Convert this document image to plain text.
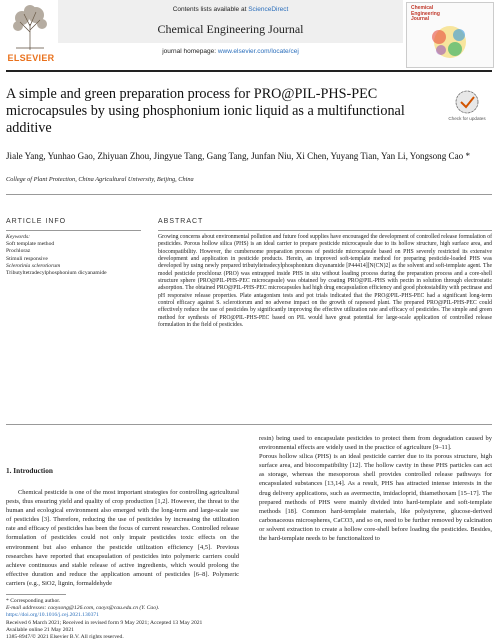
ELSEVIER
Contents lists available at ScienceDirect
Chemical Engineering Journal
journal homepage: www.elsevier.com/locate/cej
Chemical Engineering Journal
A simple and green preparation process for PRO@PIL-PHS-PEC microcapsules by using phosphonium ionic liquid as a multifunctional additive
Check for updates
Jiale Yang, Yunhao Gao, Zhiyuan Zhou, Jingyue Tang, Gang Tang, Junfan Niu, Xi Chen, Yuyang Tian, Yan Li, Yongsong Cao *
College of Plant Protection, China Agricultural University, Beijing, China
ARTICLE INFO
Keywords:
Soft template method
Prochloraz
Stimuli responsive
Sclerotinia sclerotiorum
Tributyltetradecylphosphonium dicyanamide
ABSTRACT
Growing concerns about environmental pollution and future food supplies have encouraged the development of controlled release formulation of pesticides. Porous hollow silica (PHS) is an ideal carrier to prepare pesticide microcapsule due to its hollow structure, high surface area, and biocompatibility. However, the cumbersome preparation process of pesticide microcapsule based on PHS severely restricted its extensive development and application in pesticide products. Herein, an improved soft-template method for preparing pesticide-loaded PHS was developed by using newly prepared tributyltetradecylphosphonium dicyanamide [P44414][N(CN)2] as the solvent and soft-template agent. The model pesticide prochloraz (PRO) was entrapped inside PHS in situ without loading process during the preparation process and a core-shell structure sphere (PRO@PIL-PHS-PEC microcapsule) was obtained by coating PRO@PIL-PHS with pectin in solution through electrostatic adsorption. The obtained PRO@PIL-PHS-PEC microcapsules had high drug encapsulation efficiency and good photostability with pectinase and pH responsive release properties. Plate antagonism tests and pot trials indicated that the PRO@PIL-PHS-PEC had a significant long-term control efficacy against S. sclerotiorum and no adverse impact on the growth of rapeseed plant. The prepared PRO@PIL-PHS-PEC could effectively reduce the use of pesticides by significantly improving the effective utilization rate and efficacy of pesticides. The simple and green method for synthesis of PRO@PIL-PHS-PEC based on PIL would have great potential for large-scale application of controlled release formulation in the field of pesticides.
1. Introduction
Chemical pesticide is one of the most important strategies for controlling agricultural pests, thus ensuring yield and quality of crop production [1,2]. However, the threat to the human and ecological environment also emerged with the long-term and large-scale use of pesticides [3]. Therefore, reducing the use of pesticides by increasing the utilization rate and efficacy of pesticides has been the focus of current researches. Controlled release formulation of pesticides could not only impair pesticides toxic effects on the environment but also enhance the pesticide utilization efficiency [4,5]. Previous researches have reported that encapsulation of pesticides into polymeric carriers could achieve continuous and stable release of active ingredients, which would prolong the effective duration and reduce the application amount of pesticides [6–8]. Polymeric carriers (e.g., SiO2, lignin, formaldehyde
resin) being used to encapsulate pesticides to protect them from degradation caused by environmental effects are widely used in the practice of agriculture [9–11].
Porous hollow silica (PHS) is an ideal pesticide carrier due to its porous structure, high surface area, and biocompatibility [12]. The hollow cavity in these PHS particles can act as storage, whereas the mesoporous shell provides controlled release pathways for encapsulated substances [13,14]. As a result, PHS has attracted intense interests in the drug delivery applications, such as avermectin, imidacloprid, thiamethoxam [15–17]. The prepared methods of PHS were mainly divided into hard-template and soft-template methods [18]. Common hard-template materials, like polystyrene, glucose-derived carbonaceous microspheres, CaCO3, and so on, need to be further removed by calcination or solvent extraction to create a hollow core-shell before loading the pesticides. Besides, the hard-template needs to be functionalized to
* Corresponding author.
E-mail addresses: caoysong@126.com, caoys@cau.edu.cn (Y. Cao).
https://doi.org/10.1016/j.cej.2021.130371
Received 6 March 2021; Received in revised form 9 May 2021; Accepted 13 May 2021
Available online 21 May 2021
1385-8947/© 2021 Elsevier B.V. All rights reserved.
